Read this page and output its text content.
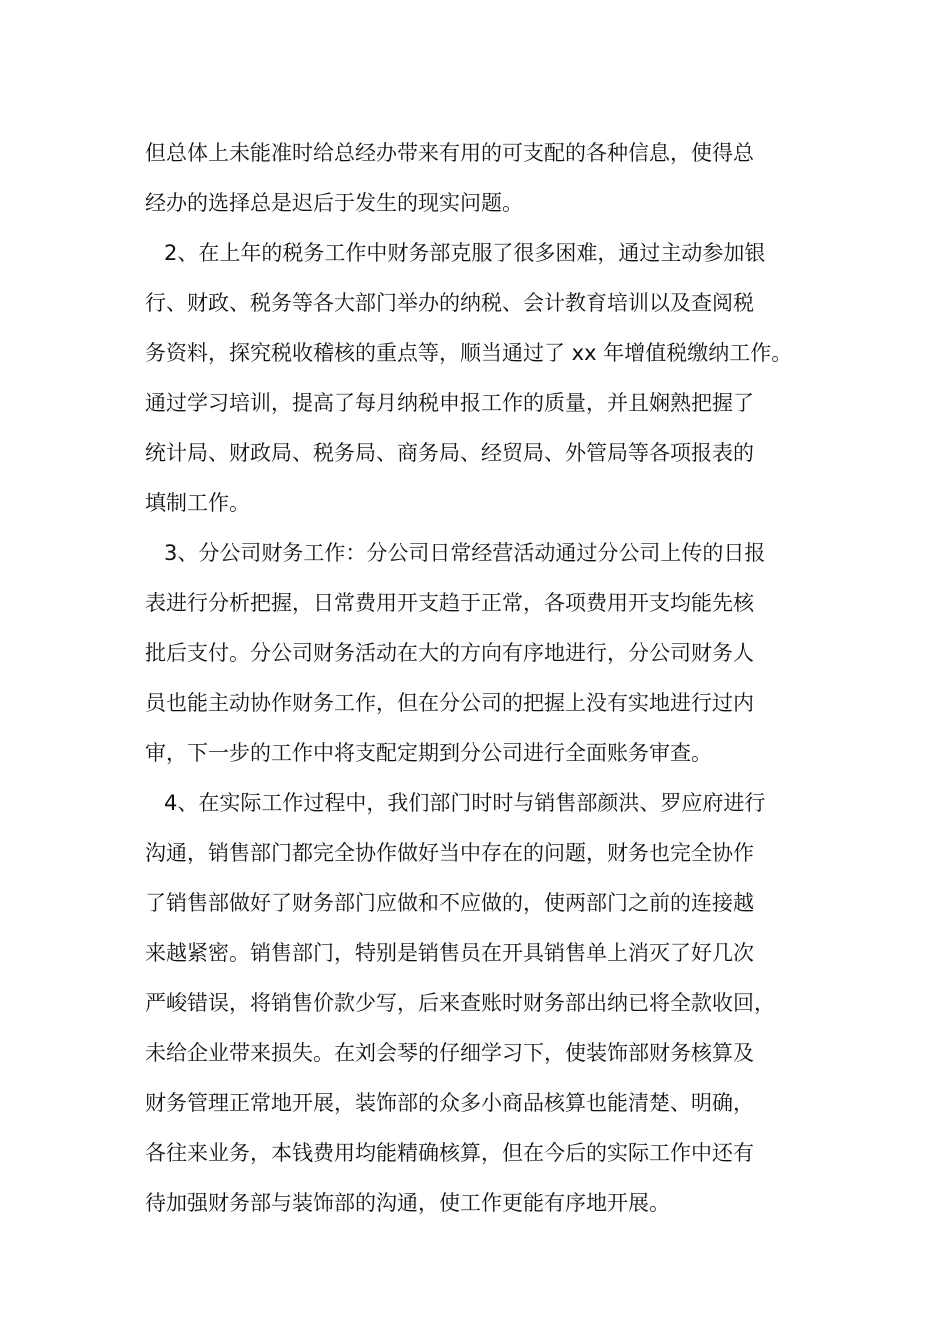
但总体上未能准时给总经办带来有用的可支配的各种信息，使得总
经办的选择总是迟后于发生的现实问题。
2、在上年的税务工作中财务部克服了很多困难，通过主动参加银
行、财政、税务等各大部门举办的纳税、会计教育培训以及查阅税
务资料，探究税收稽核的重点等，顺当通过了 xx 年增值税缴纳工作。
通过学习培训，提高了每月纳税申报工作的质量，并且娴熟把握了
统计局、财政局、税务局、商务局、经贸局、外管局等各项报表的
填制工作。
3、分公司财务工作：分公司日常经营活动通过分公司上传的日报
表进行分析把握，日常费用开支趋于正常，各项费用开支均能先核
批后支付。分公司财务活动在大的方向有序地进行，分公司财务人
员也能主动协作财务工作，但在分公司的把握上没有实地进行过内
审，下一步的工作中将支配定期到分公司进行全面账务审查。
4、在实际工作过程中，我们部门时时与销售部颜洪、罗应府进行
沟通，销售部门都完全协作做好当中存在的问题，财务也完全协作
了销售部做好了财务部门应做和不应做的，使两部门之前的连接越
来越紧密。销售部门，特别是销售员在开具销售单上消灭了好几次
严峻错误，将销售价款少写，后来查账时财务部出纳已将全款收回，
未给企业带来损失。在刘会琴的仔细学习下，使装饰部财务核算及
财务管理正常地开展，装饰部的众多小商品核算也能清楚、明确，
各往来业务，本钱费用均能精确核算，但在今后的实际工作中还有
待加强财务部与装饰部的沟通，使工作更能有序地开展。
